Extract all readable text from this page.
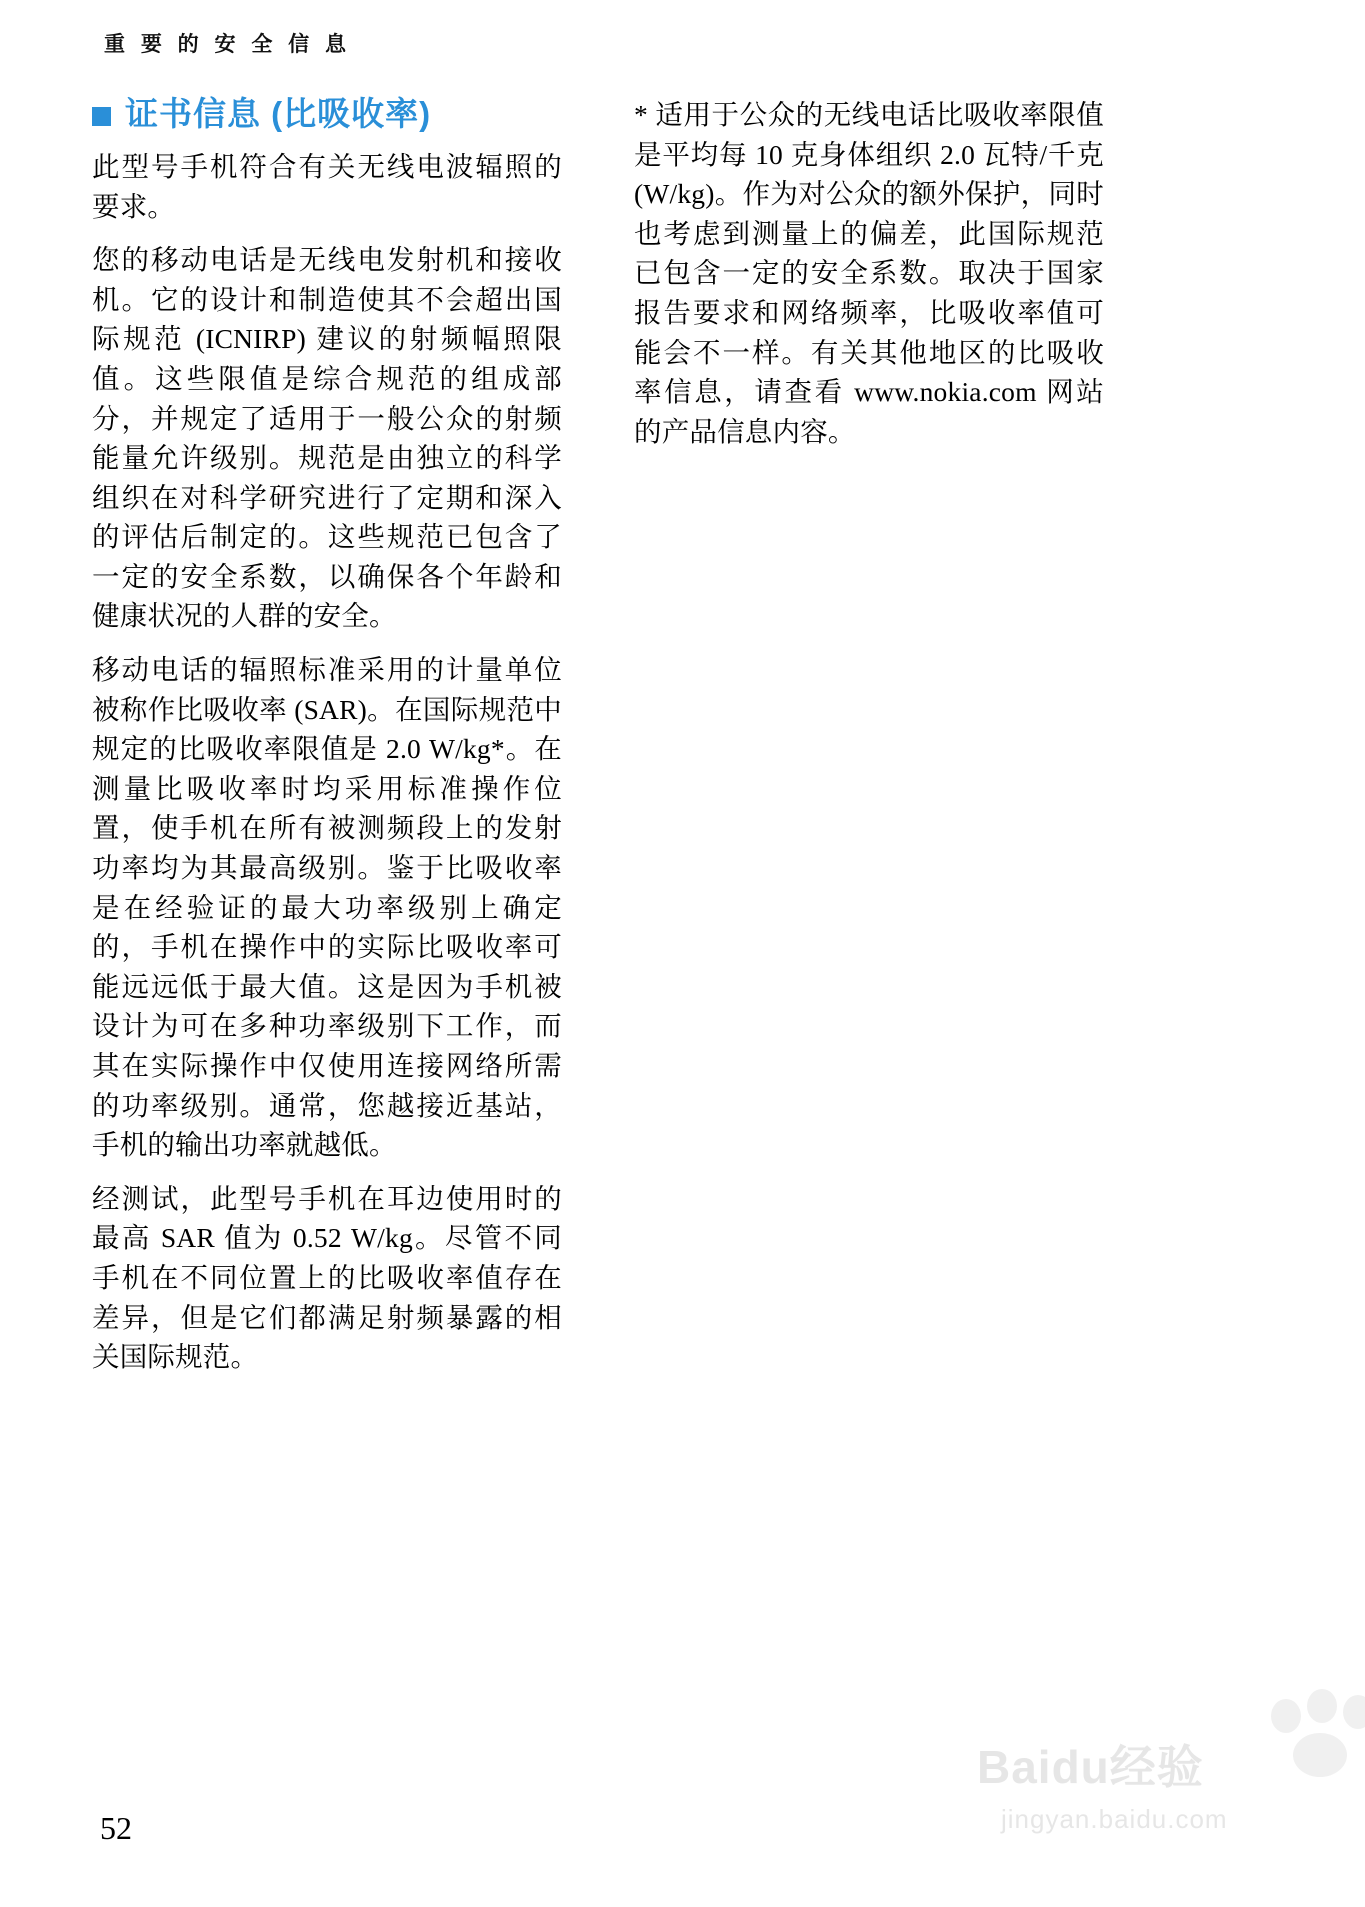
重 要 的 安 全 信 息
证书信息 (比吸收率)

此型号手机符合有关无线电波辐照的要求。

您的移动电话是无线电发射机和接收机。它的设计和制造使其不会超出国际规范 (ICNIRP) 建议的射频幅照限值。这些限值是综合规范的组成部分，并规定了适用于一般公众的射频能量允许级别。规范是由独立的科学组织在对科学研究进行了定期和深入的评估后制定的。这些规范已包含了一定的安全系数，以确保各个年龄和健康状况的人群的安全。

移动电话的辐照标准采用的计量单位被称作比吸收率 (SAR)。在国际规范中规定的比吸收率限值是 2.0 W/kg*。在测量比吸收率时均采用标准操作位置，使手机在所有被测频段上的发射功率均为其最高级别。鉴于比吸收率是在经验证的最大功率级别上确定的，手机在操作中的实际比吸收率可能远远低于最大值。这是因为手机被设计为可在多种功率级别下工作，而其在实际操作中仅使用连接网络所需的功率级别。通常，您越接近基站，手机的输出功率就越低。

经测试，此型号手机在耳边使用时的最高 SAR 值为 0.52 W/kg。尽管不同手机在不同位置上的比吸收率值存在差异，但是它们都满足射频暴露的相关国际规范。

* 适用于公众的无线电话比吸收率限值是平均每 10 克身体组织 2.0 瓦特/千克 (W/kg)。作为对公众的额外保护，同时也考虑到测量上的偏差，此国际规范已包含一定的安全系数。取决于国家报告要求和网络频率，比吸收率值可能会不一样。有关其他地区的比吸收率信息，请查看 www.nokia.com 网站的产品信息内容。

52
Baidu经验
jingyan.baidu.com
